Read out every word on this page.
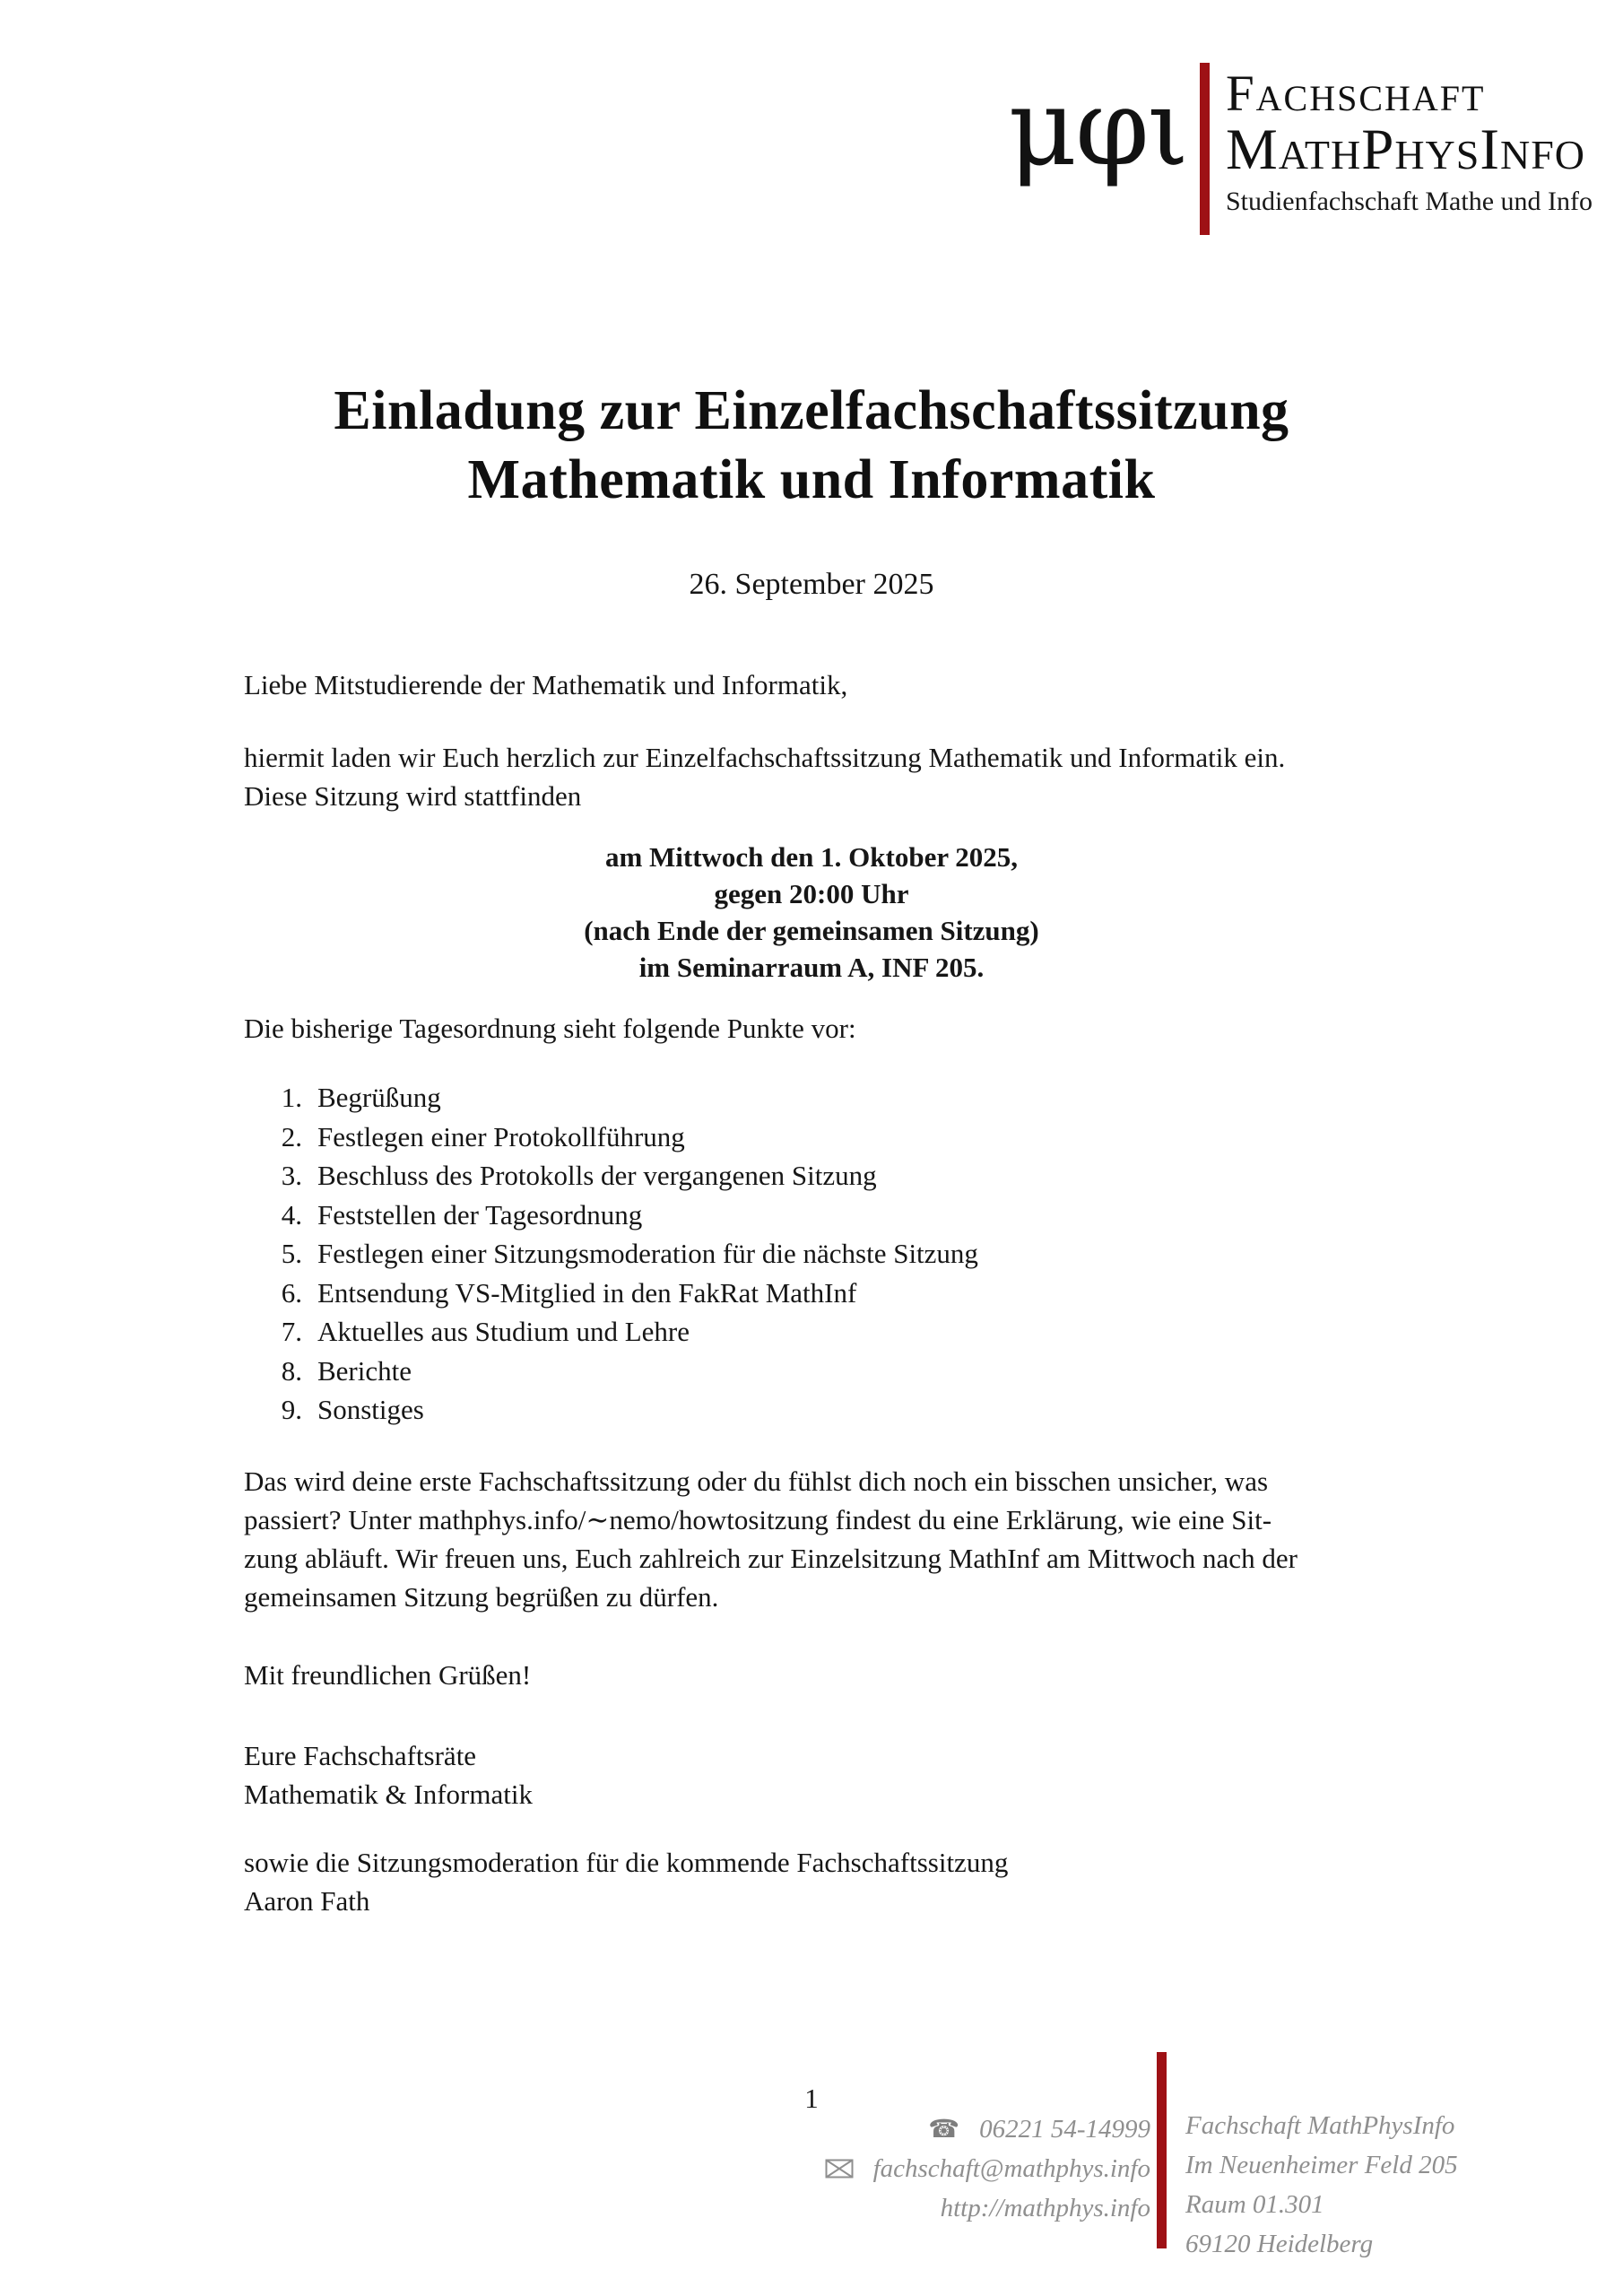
μφι Fachschaft
MathPhysInfo
Studienfachschaft Mathe und Info
Einladung zur Einzelfachschaftssitzung
Mathematik und Informatik
26. September 2025
Liebe Mitstudierende der Mathematik und Informatik,
hiermit laden wir Euch herzlich zur Einzelfachschaftssitzung Mathematik und Informatik ein.
Diese Sitzung wird stattfinden
am Mittwoch den 1. Oktober 2025,
gegen 20:00 Uhr
(nach Ende der gemeinsamen Sitzung)
im Seminarraum A, INF 205.
Die bisherige Tagesordnung sieht folgende Punkte vor:
1. Begrüßung
2. Festlegen einer Protokollführung
3. Beschluss des Protokolls der vergangenen Sitzung
4. Feststellen der Tagesordnung
5. Festlegen einer Sitzungsmoderation für die nächste Sitzung
6. Entsendung VS-Mitglied in den FakRat MathInf
7. Aktuelles aus Studium und Lehre
8. Berichte
9. Sonstiges
Das wird deine erste Fachschaftssitzung oder du fühlst dich noch ein bisschen unsicher, was
passiert? Unter mathphys.info/∼nemo/howtositzung findest du eine Erklärung, wie eine Sit-
zung abläuft. Wir freuen uns, Euch zahlreich zur Einzelsitzung MathInf am Mittwoch nach der
gemeinsamen Sitzung begrüßen zu dürfen.
Mit freundlichen Grüßen!
Eure Fachschaftsräte
Mathematik & Informatik
sowie die Sitzungsmoderation für die kommende Fachschaftssitzung
Aaron Fath
1
☎ 06221 54-14999
fachschaft@mathphys.info
http://mathphys.info
Fachschaft MathPhysInfo
Im Neuenheimer Feld 205
Raum 01.301
69120 Heidelberg
